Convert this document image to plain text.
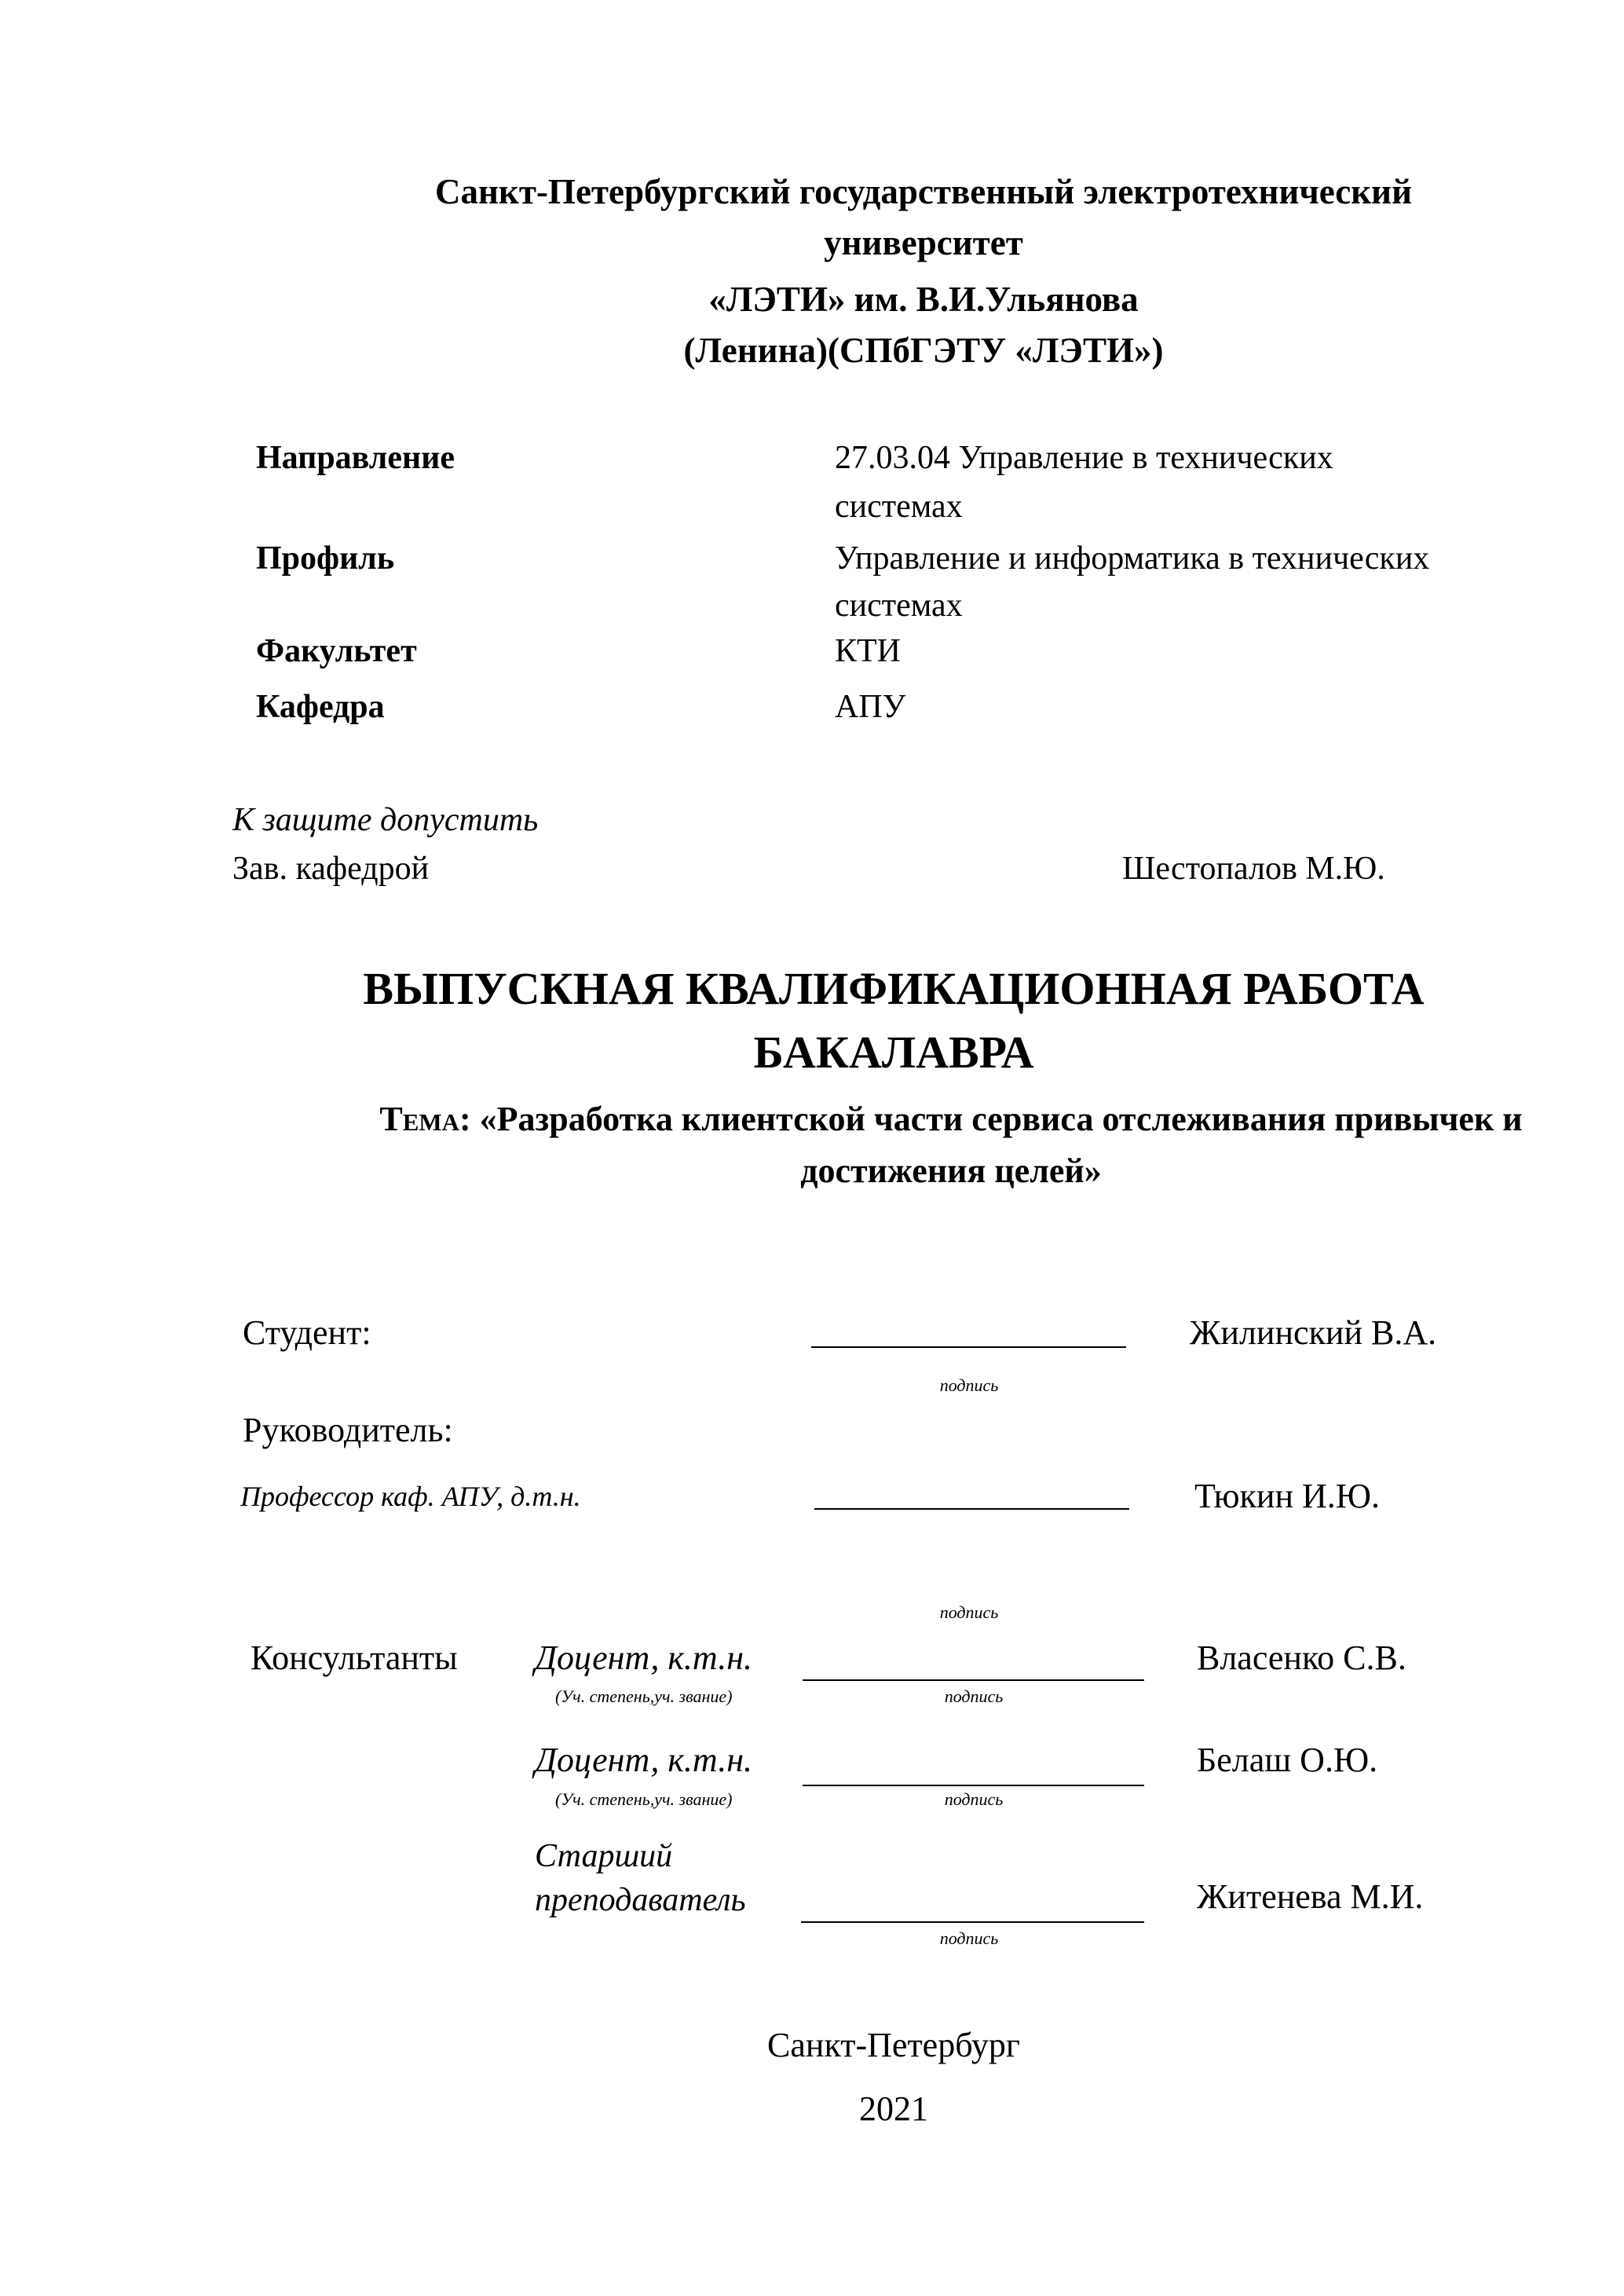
Санкт-Петербургский государственный электротехнический
университет
«ЛЭТИ» им. В.И.Ульянова
(Ленина)(СПбГЭТУ «ЛЭТИ»)
Направление	27.03.04 Управление в технических
системах
Профиль	Управление и информатика в технических
системах
Факультет	КТИ
Кафедра	АПУ
К защите допустить
Зав. кафедрой	Шестопалов М.Ю.
ВЫПУСКНАЯ КВАЛИФИКАЦИОННАЯ РАБОТА
БАКАЛАВРА
Тема: «Разработка клиентской части сервиса отслеживания привычек и
достижения целей»
Студент:	Жилинский В.А.
подпись
Руководитель:
Профессор каф. АПУ, д.т.н.	Тюкин И.Ю.
подпись
Консультанты Доцент, к.т.н.	Власенко С.В.
(Уч. степень,уч. звание)	подпись
Доцент, к.т.н.	Белаш О.Ю.
(Уч. степень,уч. звание)	подпись
Старший
преподаватель	Житенева М.И.
подпись
Санкт-Петербург
2021
